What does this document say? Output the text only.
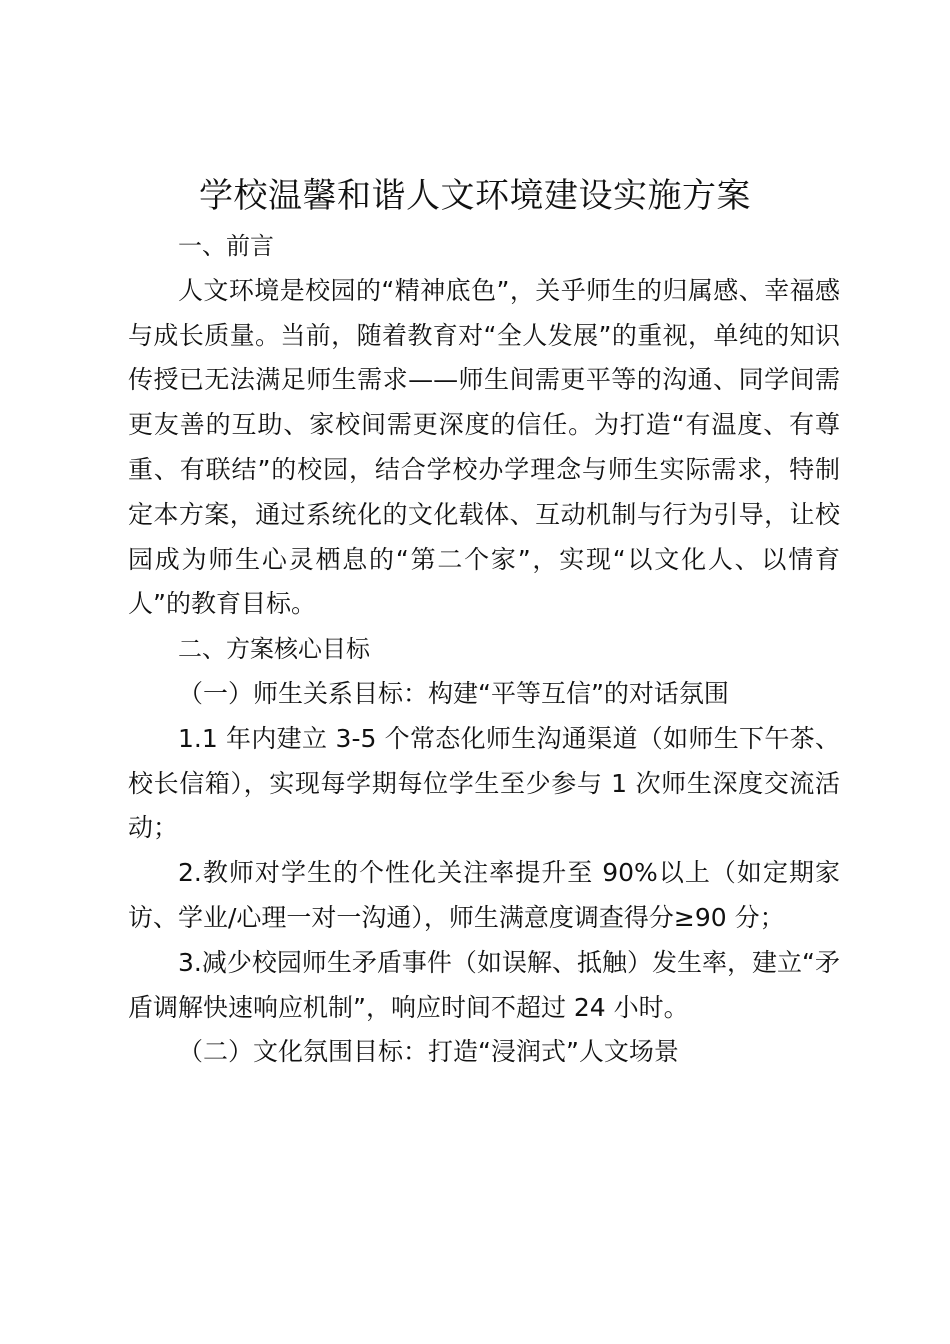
学校温馨和谐人文环境建设实施方案

一、前言

人文环境是校园的“精神底色”，关乎师生的归属感、幸福感与成长质量。当前，随着教育对“全人发展”的重视，单纯的知识传授已无法满足师生需求——师生间需更平等的沟通、同学间需更友善的互助、家校间需更深度的信任。为打造“有温度、有尊重、有联结”的校园，结合学校办学理念与师生实际需求，特制定本方案，通过系统化的文化载体、互动机制与行为引导，让校园成为师生心灵栖息的“第二个家”，实现“以文化人、以情育人”的教育目标。

二、方案核心目标

（一）师生关系目标：构建“平等互信”的对话氛围

1.1 年内建立 3-5 个常态化师生沟通渠道（如师生下午茶、校长信箱），实现每学期每位学生至少参与 1 次师生深度交流活动；

2.教师对学生的个性化关注率提升至 90%以上（如定期家访、学业/心理一对一沟通），师生满意度调查得分≥90 分；

3.减少校园师生矛盾事件（如误解、抵触）发生率，建立“矛盾调解快速响应机制”，响应时间不超过 24 小时。

（二）文化氛围目标：打造“浸润式”人文场景
